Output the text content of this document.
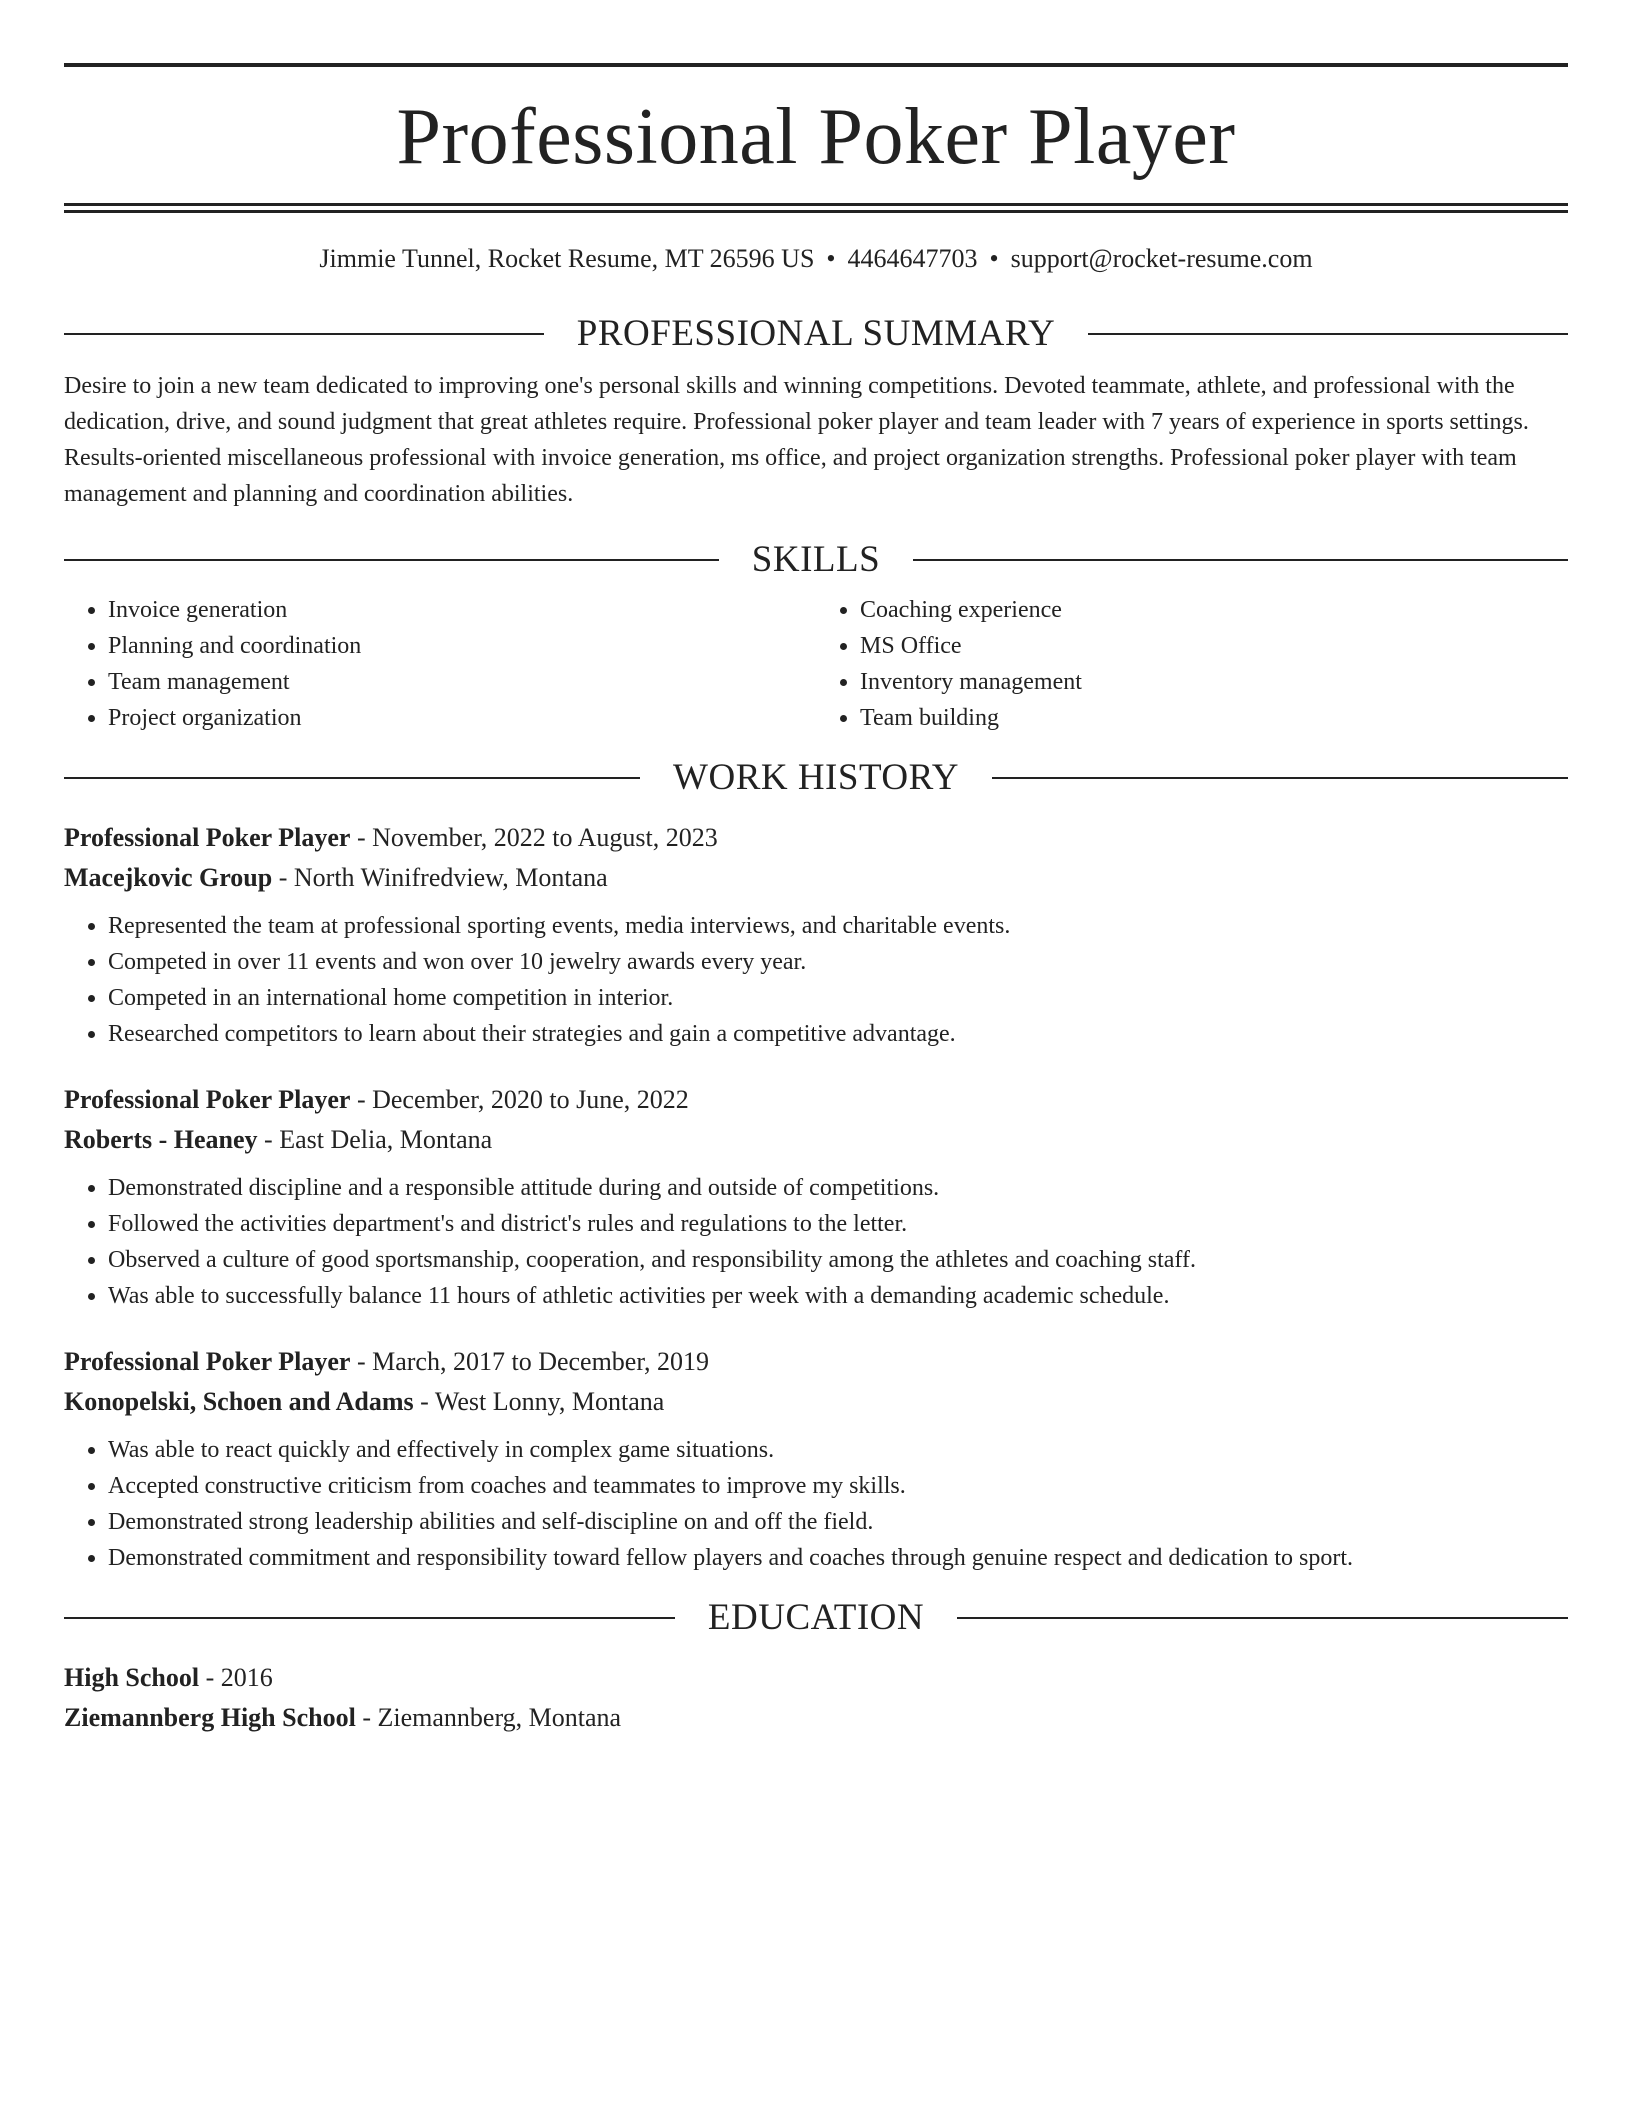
Professional Poker Player
Jimmie Tunnel, Rocket Resume, MT 26596 US • 4464647703 • support@rocket-resume.com
PROFESSIONAL SUMMARY
Desire to join a new team dedicated to improving one's personal skills and winning competitions. Devoted teammate, athlete, and professional with the dedication, drive, and sound judgment that great athletes require. Professional poker player and team leader with 7 years of experience in sports settings. Results-oriented miscellaneous professional with invoice generation, ms office, and project organization strengths. Professional poker player with team management and planning and coordination abilities.
SKILLS
• Invoice generation
• Planning and coordination
• Team management
• Project organization
• Coaching experience
• MS Office
• Inventory management
• Team building
WORK HISTORY
Professional Poker Player - November, 2022 to August, 2023
Macejkovic Group - North Winifredview, Montana
• Represented the team at professional sporting events, media interviews, and charitable events.
• Competed in over 11 events and won over 10 jewelry awards every year.
• Competed in an international home competition in interior.
• Researched competitors to learn about their strategies and gain a competitive advantage.
Professional Poker Player - December, 2020 to June, 2022
Roberts - Heaney - East Delia, Montana
• Demonstrated discipline and a responsible attitude during and outside of competitions.
• Followed the activities department's and district's rules and regulations to the letter.
• Observed a culture of good sportsmanship, cooperation, and responsibility among the athletes and coaching staff.
• Was able to successfully balance 11 hours of athletic activities per week with a demanding academic schedule.
Professional Poker Player - March, 2017 to December, 2019
Konopelski, Schoen and Adams - West Lonny, Montana
• Was able to react quickly and effectively in complex game situations.
• Accepted constructive criticism from coaches and teammates to improve my skills.
• Demonstrated strong leadership abilities and self-discipline on and off the field.
• Demonstrated commitment and responsibility toward fellow players and coaches through genuine respect and dedication to sport.
EDUCATION
High School - 2016
Ziemannberg High School - Ziemannberg, Montana
